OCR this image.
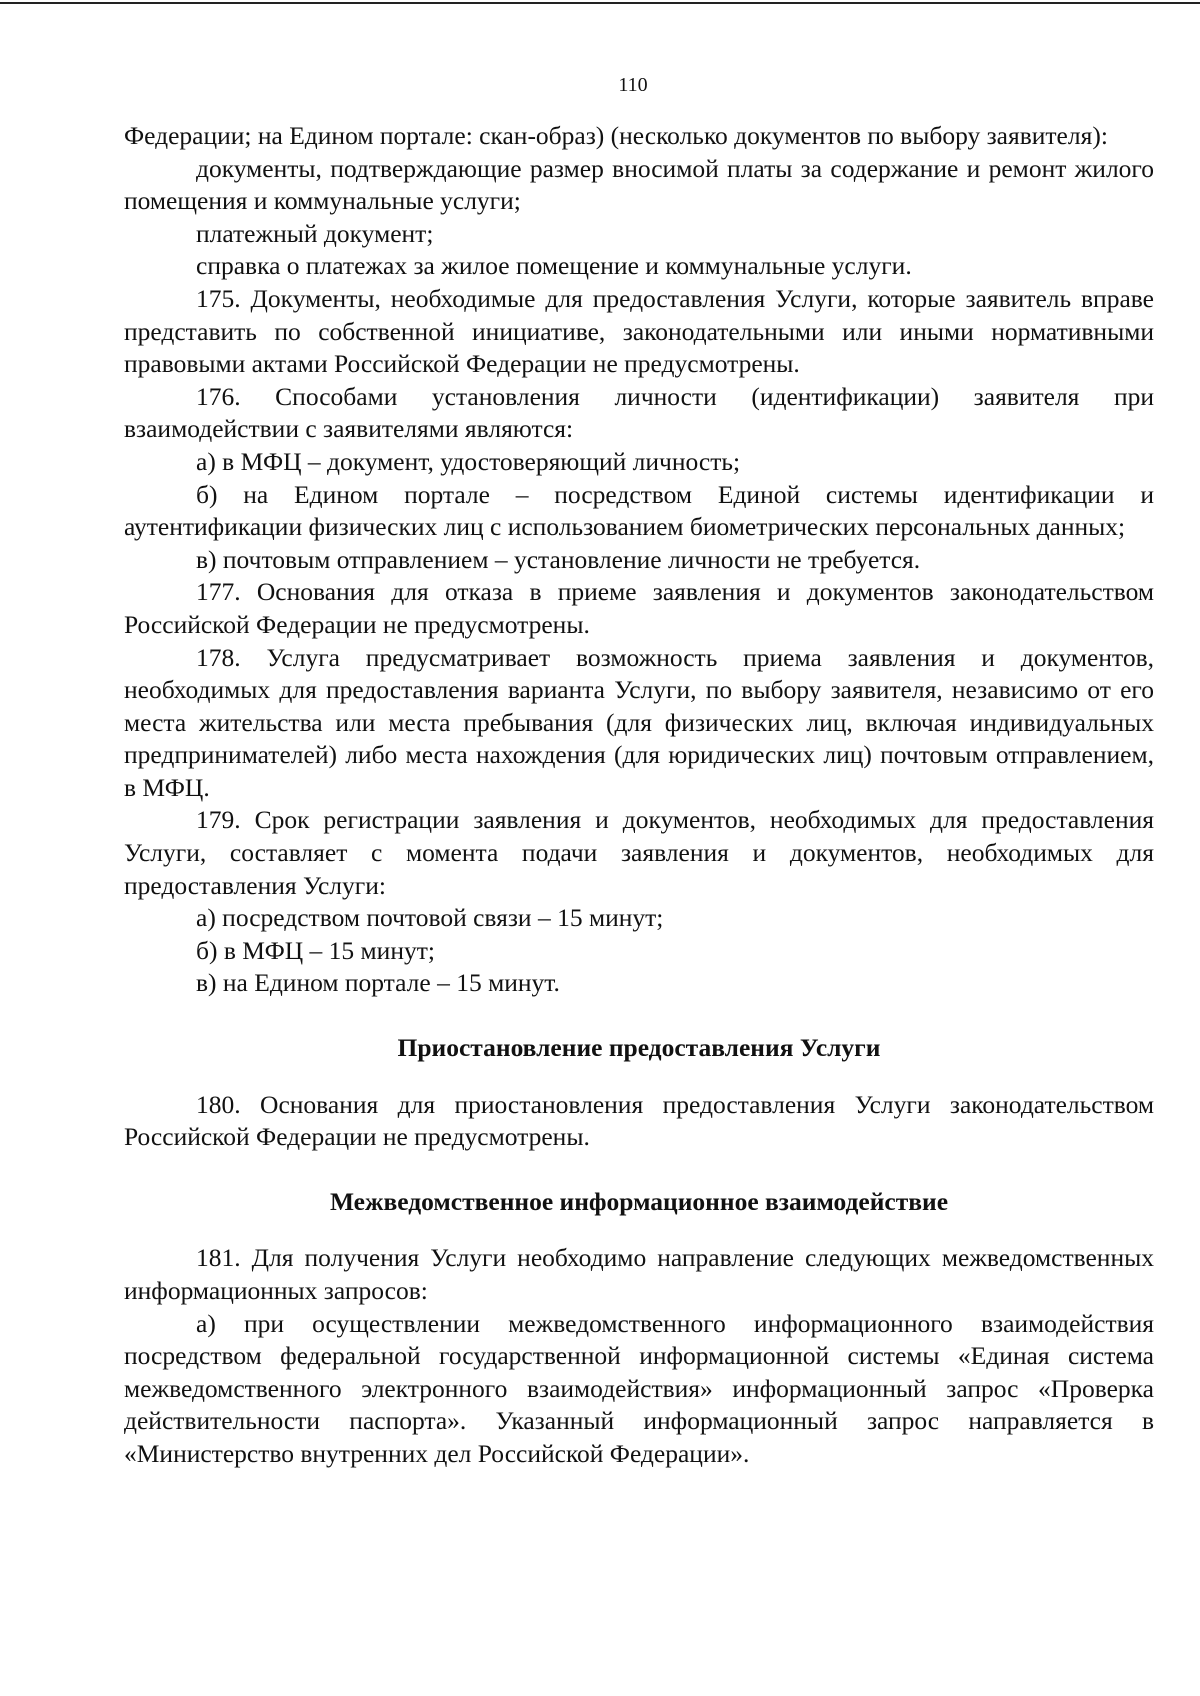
110

Федерации; на Едином портале: скан-образ) (несколько документов по выбору заявителя):

документы, подтверждающие размер вносимой платы за содержание и ремонт жилого помещения и коммунальные услуги;

платежный документ;

справка о платежах за жилое помещение и коммунальные услуги.

175. Документы, необходимые для предоставления Услуги, которые заявитель вправе представить по собственной инициативе, законодательными или иными нормативными правовыми актами Российской Федерации не предусмотрены.

176. Способами установления личности (идентификации) заявителя при взаимодействии с заявителями являются:

а) в МФЦ – документ, удостоверяющий личность;

б) на Едином портале – посредством Единой системы идентификации и аутентификации физических лиц с использованием биометрических персональных данных;

в) почтовым отправлением – установление личности не требуется.

177. Основания для отказа в приеме заявления и документов законодательством Российской Федерации не предусмотрены.

178. Услуга предусматривает возможность приема заявления и документов, необходимых для предоставления варианта Услуги, по выбору заявителя, независимо от его места жительства или места пребывания (для физических лиц, включая индивидуальных предпринимателей) либо места нахождения (для юридических лиц) почтовым отправлением, в МФЦ.

179. Срок регистрации заявления и документов, необходимых для предоставления Услуги, составляет с момента подачи заявления и документов, необходимых для предоставления Услуги:

а) посредством почтовой связи – 15 минут;

б) в МФЦ – 15 минут;

в) на Едином портале – 15 минут.

Приостановление предоставления Услуги

180. Основания для приостановления предоставления Услуги законодательством Российской Федерации не предусмотрены.

Межведомственное информационное взаимодействие

181. Для получения Услуги необходимо направление следующих межведомственных информационных запросов:

а) при осуществлении межведомственного информационного взаимодействия посредством федеральной государственной информационной системы «Единая система межведомственного электронного взаимодействия» информационный запрос «Проверка действительности паспорта». Указанный информационный запрос направляется в «Министерство внутренних дел Российской Федерации».
